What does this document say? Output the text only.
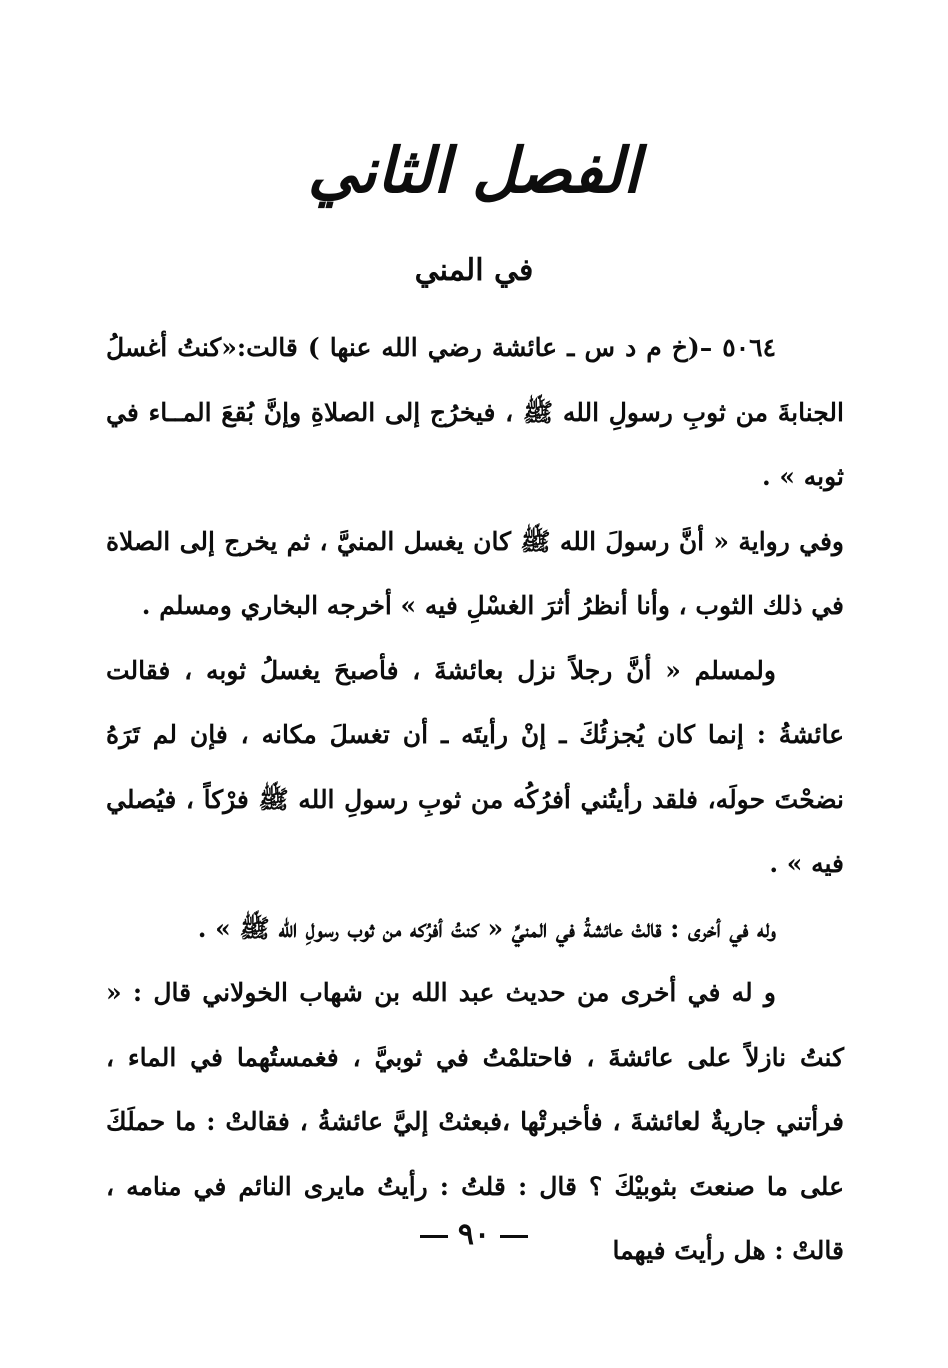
الفصل الثاني
في المني

٥٠٦٤ –(خ م د س ـ عائشة رضي الله عنها ) قالت:«كنتُ أغسلُ الجنابةَ من ثوبِ رسولِ الله ﷺ ، فيخرُج إلى الصلاةِ وإنَّ بُقعَ المــاء في ثوبه » .

وفي رواية « أنَّ رسولَ الله ﷺ كان يغسل المنيَّ ، ثم يخرج إلى الصلاة في ذلك الثوب ، وأنا أنظرُ أثرَ الغسْلِ فيه » أخرجه البخاري ومسلم .

ولمسلم « أنَّ رجلاً نزل بعائشةَ ، فأصبحَ يغسلُ ثوبه ، فقالت عائشةُ : إنما كان يُجزئُكَ ـ إنْ رأيتَه ـ أن تغسلَ مكانه ، فإن لم تَرَهُ نضحْتَ حولَه، فلقد رأيتُني أفرُكُه من ثوبِ رسولِ الله ﷺ فرْكاً ، فيُصلي فيه » .

وله في أخرى : قالتْ عائشةُ في المنيِّ « كنتُ أفرُكه من ثوب رسولِ الله ﷺ » .

و له في أخرى من حديث عبد الله بن شهاب الخولاني قال : « كنتُ نازلاً على عائشةَ ، فاحتلمْتُ في ثوبيَّ ، فغمستُهما في الماء ، فرأتني جاريةٌ لعائشةَ ، فأخبرتْها ،فبعثتْ إليَّ عائشةُ ، فقالتْ : ما حملَكَ على ما صنعتَ بثوبيْكَ ؟ قال : قلتُ : رأيتُ مايرى النائم في منامه ، قالتْ : هل رأيتَ فيهما

٩٠
